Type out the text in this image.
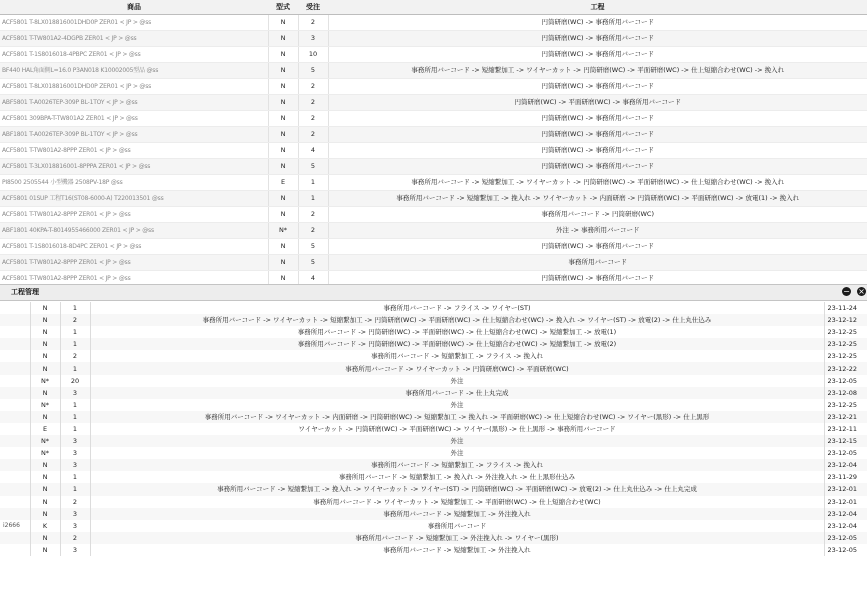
商品	型式	受注	工程
ACF5801 T-8LX018816001DHD0P ZER01 < JP > @ss	N	2	円筒研磨(WC) -> 事務所用バーコード
ACF5801 T-TW801A2-4DGPB ZER01 < JP > @ss	N	3	円筒研磨(WC) -> 事務所用バーコード
ACF5801 T-1S8016018-4PBPC ZER01 < JP > @ss	N	10	円筒研磨(WC) -> 事務所用バーコード
BF440 HAL角面側L=16.0 P3AN018 K10002005型品 @ss	N	5	事務所用バーコード -> 短縮繋加工 -> ワイヤーカット -> 円筒研磨(WC) -> 平面研磨(WC) -> 仕上短縮合わせ(WC) -> 挽入れ
ACF5801 T-8LX018816001DHD0P ZER01 < JP > @ss	N	2	円筒研磨(WC) -> 事務所用バーコード
ABF5801 T-A0026TEP-309P BL-1TOY < JP > @ss	N	2	円筒研磨(WC) -> 平面研磨(WC) -> 事務所用バーコード
ACF5801 309BPA-T-TW801A2 ZER01 < JP > @ss	N	2	円筒研磨(WC) -> 事務所用バーコード
ABF1801 T-A0026TEP-309P BL-1TOY < JP > @ss	N	2	円筒研磨(WC) -> 事務所用バーコード
ACF5801 T-TW801A2-8PPP ZER01 < JP > @ss	N	4	円筒研磨(WC) -> 事務所用バーコード
ACF5801 T-3LX018816001-8PPPA ZER01 < JP > @ss	N	5	円筒研磨(WC) -> 事務所用バーコード
PI8500 2505544 小型機器 2508PV-18P @ss	E	1	事務所用バーコード -> 短縮繋加工 -> ワイヤーカット -> 円筒研磨(WC) -> 平面研磨(WC) -> 仕上短縮合わせ(WC) -> 挽入れ
ACF5801 01SUP 工程T16(ST08-6000-A) T220013501 @ss	N	1	事務所用バーコード -> 短縮繋加工 -> 挽入れ -> ワイヤーカット -> 内面研磨 -> 円筒研磨(WC) -> 平面研磨(WC) -> 放電(1) -> 挽入れ
ACF5801 T-TW801A2-8PPP ZER01 < JP > @ss	N	2	事務所用バーコード -> 円筒研磨(WC)
ABF1801 40KPA-T-8014955466000 ZER01 < JP > @ss	N*	2	外注 -> 事務所用バーコード
ACF5801 T-1S8016018-8D4PC ZER01 < JP > @ss	N	5	円筒研磨(WC) -> 事務所用バーコード
ACF5801 T-TW801A2-8PPP ZER01 < JP > @ss	N	5	事務所用バーコード
ACF5801 T-TW801A2-8PPP ZER01 < JP > @ss	N	4	円筒研磨(WC) -> 事務所用バーコード
工程管理	− ×
	N	1	事務所用バーコード -> フライス -> ワイヤー(ST)	23-11-24
	N	2	事務所用バーコード -> ワイヤーカット -> 短縮繋加工 -> 円筒研磨(WC) -> 平面研磨(WC) -> 仕上短縮合わせ(WC) -> 挽入れ -> ワイヤー(ST) -> 放電(2) -> 仕上丸仕込み	23-12-12
	N	1	事務所用バーコード -> 円筒研磨(WC) -> 平面研磨(WC) -> 仕上短縮合わせ(WC) -> 短縮繋加工 -> 放電(1)	23-12-25
	N	1	事務所用バーコード -> 円筒研磨(WC) -> 平面研磨(WC) -> 仕上短縮合わせ(WC) -> 短縮繋加工 -> 放電(2)	23-12-25
	N	2	事務所用バーコード -> 短縮繋加工 -> フライス -> 挽入れ	23-12-25
	N	1	事務所用バーコード -> ワイヤーカット -> 円筒研磨(WC) -> 平面研磨(WC)	23-12-22
	N*	20	外注	23-12-05
	N	3	事務所用バーコード -> 仕上丸完成	23-12-08
	N*	1	外注	23-12-25
	N	1	事務所用バーコード -> ワイヤーカット -> 内面研磨 -> 円筒研磨(WC) -> 短縮繋加工 -> 挽入れ -> 平面研磨(WC) -> 仕上短縮合わせ(WC) -> ワイヤー(黒形) -> 仕上黒形	23-12-21
	E	1	ワイヤーカット -> 円筒研磨(WC) -> 平面研磨(WC) -> ワイヤー(黒形) -> 仕上黒形 -> 事務所用バーコード	23-12-11
	N*	3	外注	23-12-15
	N*	3	外注	23-12-05
	N	3	事務所用バーコード -> 短縮繋加工 -> フライス -> 挽入れ	23-12-04
	N	1	事務所用バーコード -> 短縮繋加工 -> 挽入れ -> 外注挽入れ -> 仕上黒形仕込み	23-11-29
	N	1	事務所用バーコード -> 短縮繋加工 -> 挽入れ -> ワイヤーカット -> ワイヤー(ST) -> 円筒研磨(WC) -> 平面研磨(WC) -> 放電(2) -> 仕上丸仕込み -> 仕上丸完成	23-12-01
	N	2	事務所用バーコード -> ワイヤーカット -> 短縮繋加工 -> 平面研磨(WC) -> 仕上短縮合わせ(WC)	23-12-01
	N	3	事務所用バーコード -> 短縮繋加工 -> 外注挽入れ	23-12-04
i2666	K	3	事務所用バーコード	23-12-04
	N	2	事務所用バーコード -> 短縮繋加工 -> 外注挽入れ -> ワイヤー(黒形)	23-12-05
	N	3	事務所用バーコード -> 短縮繋加工 -> 外注挽入れ	23-12-05
